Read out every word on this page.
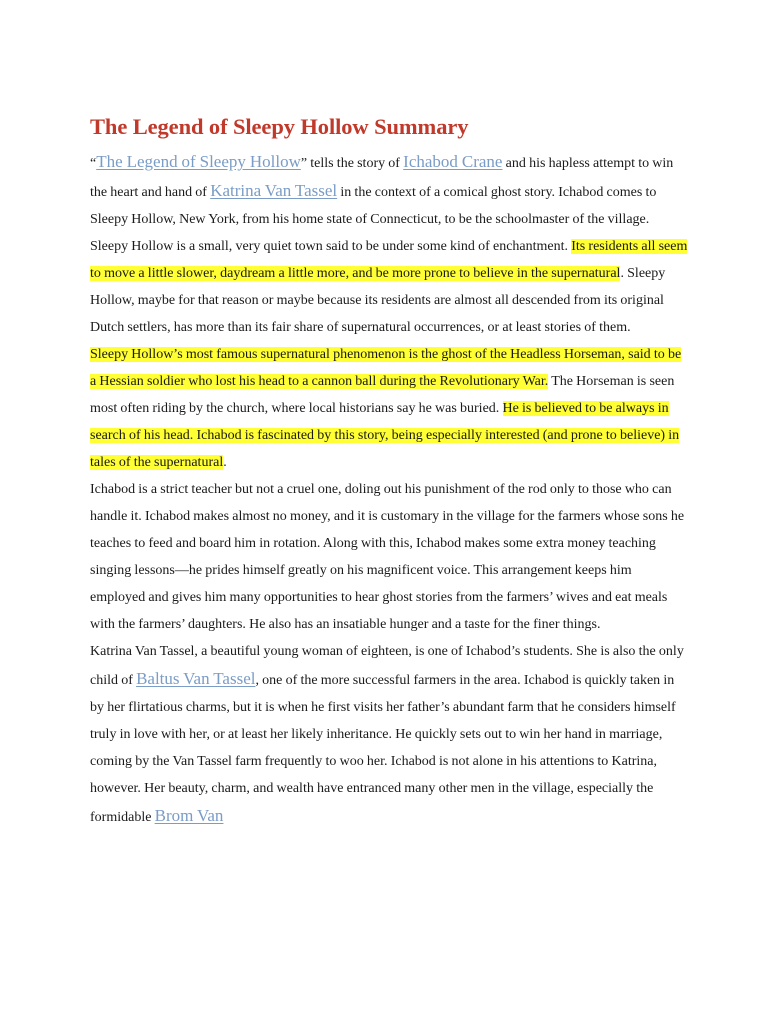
The Legend of Sleepy Hollow Summary

“The Legend of Sleepy Hollow” tells the story of Ichabod Crane and his hapless attempt to win the heart and hand of Katrina Van Tassel in the context of a comical ghost story. Ichabod comes to Sleepy Hollow, New York, from his home state of Connecticut, to be the schoolmaster of the village. Sleepy Hollow is a small, very quiet town said to be under some kind of enchantment. Its residents all seem to move a little slower, daydream a little more, and be more prone to believe in the supernatural. Sleepy Hollow, maybe for that reason or maybe because its residents are almost all descended from its original Dutch settlers, has more than its fair share of supernatural occurrences, or at least stories of them.

Sleepy Hollow’s most famous supernatural phenomenon is the ghost of the Headless Horseman, said to be a Hessian soldier who lost his head to a cannon ball during the Revolutionary War. The Horseman is seen most often riding by the church, where local historians say he was buried. He is believed to be always in search of his head. Ichabod is fascinated by this story, being especially interested (and prone to believe) in tales of the supernatural.

Ichabod is a strict teacher but not a cruel one, doling out his punishment of the rod only to those who can handle it. Ichabod makes almost no money, and it is customary in the village for the farmers whose sons he teaches to feed and board him in rotation. Along with this, Ichabod makes some extra money teaching singing lessons—he prides himself greatly on his magnificent voice. This arrangement keeps him employed and gives him many opportunities to hear ghost stories from the farmers’ wives and eat meals with the farmers’ daughters. He also has an insatiable hunger and a taste for the finer things.

Katrina Van Tassel, a beautiful young woman of eighteen, is one of Ichabod’s students. She is also the only child of Baltus Van Tassel, one of the more successful farmers in the area. Ichabod is quickly taken in by her flirtatious charms, but it is when he first visits her father’s abundant farm that he considers himself truly in love with her, or at least her likely inheritance. He quickly sets out to win her hand in marriage, coming by the Van Tassel farm frequently to woo her. Ichabod is not alone in his attentions to Katrina, however. Her beauty, charm, and wealth have entranced many other men in the village, especially the formidable Brom Van
